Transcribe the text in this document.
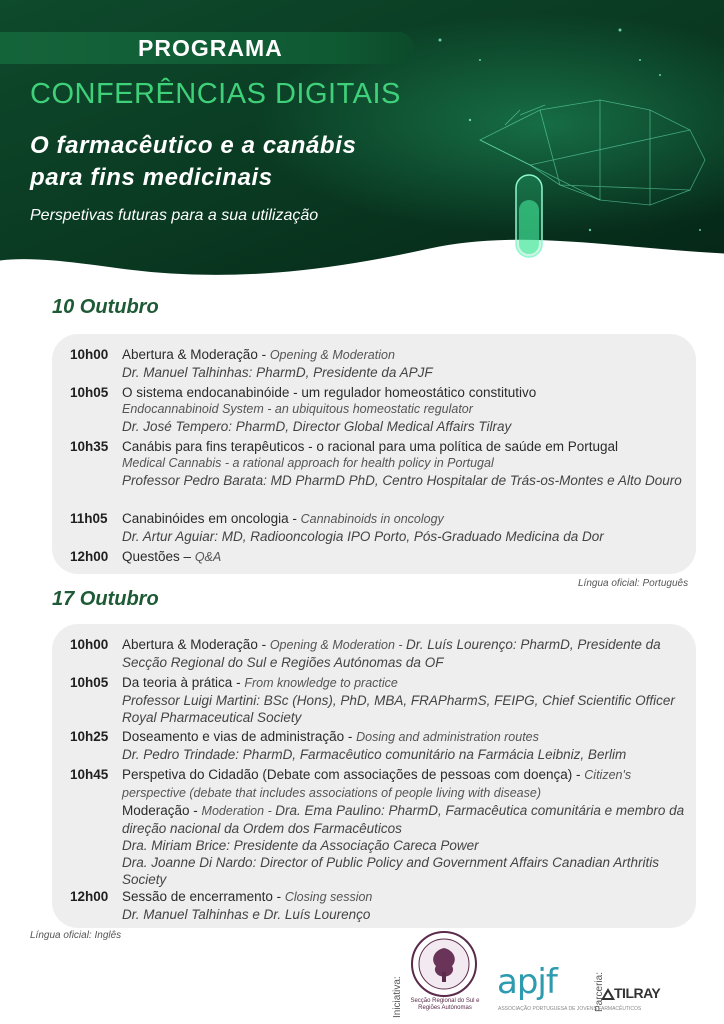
PROGRAMA
CONFERÊNCIAS DIGITAIS
O farmacêutico e a canábis
para fins medicinais
Perspetivas futuras para a sua utilização
10 Outubro
10h00	Abertura & Moderação - Opening & Moderation
Dr. Manuel Talhinhas: PharmD, Presidente da APJF
10h05	O sistema endocanabinóide - um regulador homeostático constitutivo
Endocannabinoid System - an ubiquitous homeostatic regulator
Dr. José Tempero: PharmD, Director Global Medical Affairs Tilray
10h35	Canábis para fins terapêuticos - o racional para uma política de saúde em Portugal
Medical Cannabis - a rational approach for health policy in Portugal
Professor Pedro Barata: MD PharmD PhD, Centro Hospitalar de Trás-os-Montes e Alto Douro
11h05	Canabinóides em oncologia - Cannabinoids in oncology
Dr. Artur Aguiar: MD, Radiooncologia IPO Porto, Pós-Graduado Medicina da Dor
12h00	Questões – Q&A
Língua oficial: Português
17 Outubro
10h00	Abertura & Moderação - Opening & Moderation - Dr. Luís Lourenço: PharmD, Presidente da Secção Regional do Sul e Regiões Autónomas da OF
10h05	Da teoria à prática - From knowledge to practice
Professor Luigi Martini: BSc (Hons), PhD, MBA, FRAPharmS, FEIPG, Chief Scientific Officer Royal Pharmaceutical Society
10h25	Doseamento e vias de administração - Dosing and administration routes
Dr. Pedro Trindade: PharmD, Farmacêutico comunitário na Farmácia Leibniz, Berlim
10h45	Perspetiva do Cidadão (Debate com associações de pessoas com doença) - Citizen's perspective (debate that includes associations of people living with disease)
Moderação - Moderation - Dra. Ema Paulino: PharmD, Farmacêutica comunitária e membro da direção nacional da Ordem dos Farmacêuticos
Dra. Miriam Brice: Presidente da Associação Careca Power
Dra. Joanne Di Nardo: Director of Public Policy and Government Affairs Canadian Arthritis Society
12h00	Sessão de encerramento - Closing session
Dr. Manuel Talhinhas e Dr. Luís Lourenço
Língua oficial: Inglês
Iniciativa:	Secção Regional do Sul e Regiões Autónomas
apjf
ASSOCIAÇÃO PORTUGUESA DE JOVENS FARMACÊUTICOS
Parceria: TILRAY
